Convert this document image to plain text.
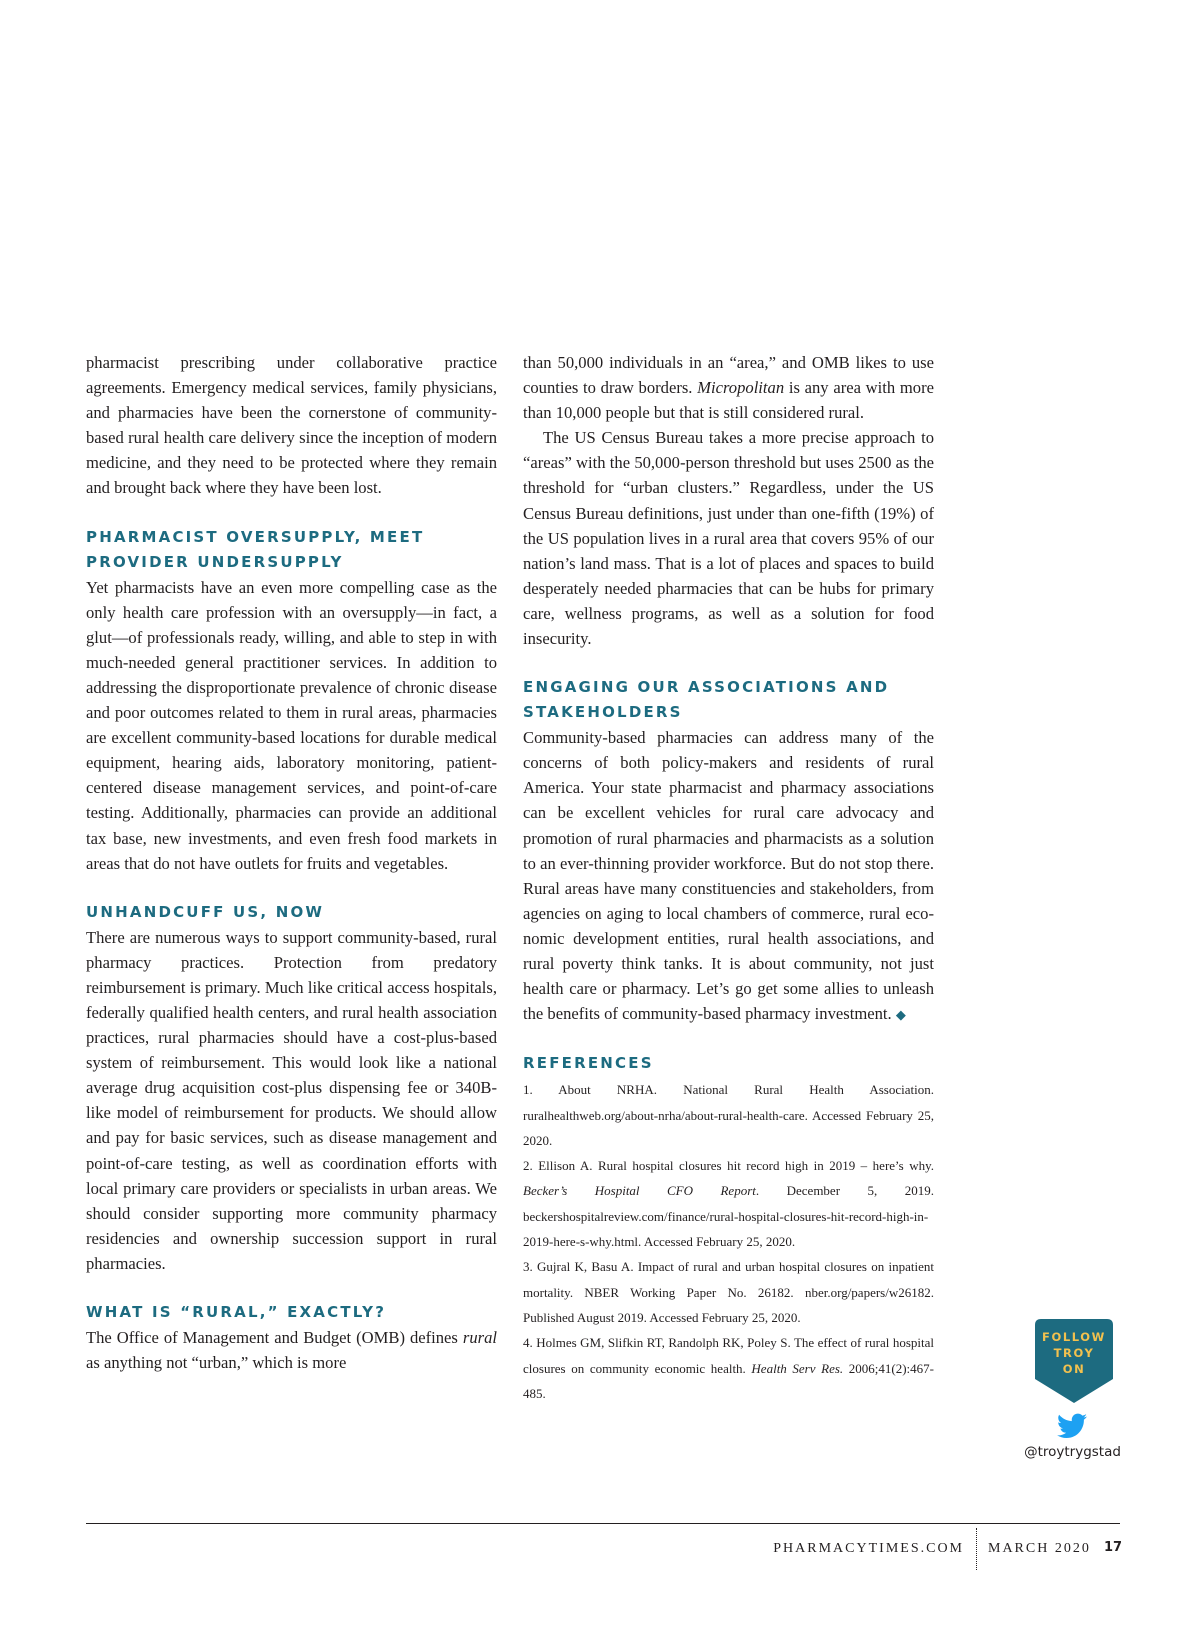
pharmacist prescribing under collaborative practice agreements. Emergency medical services, family physicians, and pharmacies have been the cornerstone of community-based rural health care delivery since the inception of modern medicine, and they need to be protected where they remain and brought back where they have been lost.

PHARMACIST OVERSUPPLY, MEET PROVIDER UNDERSUPPLY

Yet pharmacists have an even more compelling case as the only health care profession with an oversupply—in fact, a glut—of professionals ready, willing, and able to step in with much-needed general practitioner services. In addition to addressing the disproportionate prevalence of chronic disease and poor outcomes related to them in rural areas, pharmacies are excellent community-based locations for durable medical equipment, hearing aids, laboratory monitoring, patient-centered disease management services, and point-of-care testing. Additionally, pharmacies can provide an additional tax base, new investments, and even fresh food markets in areas that do not have outlets for fruits and vegetables.

UNHANDCUFF US, NOW

There are numerous ways to support community-based, rural pharmacy practices. Protection from predatory reimbursement is primary. Much like critical access hospitals, federally qualified health centers, and rural health association practices, rural pharmacies should have a cost-plus-based system of reimbursement. This would look like a national average drug acquisition cost-plus dispensing fee or 340B-like model of reimbursement for products. We should allow and pay for basic services, such as disease management and point-of-care testing, as well as coordination efforts with local primary care providers or specialists in urban areas. We should consider supporting more community pharmacy residencies and ownership succession support in rural pharmacies.

WHAT IS “RURAL,” EXACTLY?

The Office of Management and Budget (OMB) defines rural as anything not “urban,” which is more

than 50,000 individuals in an “area,” and OMB likes to use counties to draw borders. Micropolitan is any area with more than 10,000 people but that is still considered rural.

The US Census Bureau takes a more precise approach to “areas” with the 50,000-person threshold but uses 2500 as the threshold for “urban clusters.” Regardless, under the US Census Bureau definitions, just under than one-fifth (19%) of the US population lives in a rural area that covers 95% of our nation’s land mass. That is a lot of places and spaces to build desperately needed pharmacies that can be hubs for primary care, wellness programs, as well as a solution for food insecurity.

ENGAGING OUR ASSOCIATIONS AND STAKEHOLDERS

Community-based pharmacies can address many of the concerns of both policy-makers and residents of rural America. Your state pharmacist and pharmacy associations can be excellent vehicles for rural care advocacy and promotion of rural pharmacies and pharmacists as a solution to an ever-thinning provider workforce. But do not stop there. Rural areas have many constituencies and stakeholders, from agencies on aging to local chambers of commerce, rural economic development entities, rural health associations, and rural poverty think tanks. It is about community, not just health care or pharmacy. Let’s go get some allies to unleash the benefits of community-based pharmacy investment. ◆

REFERENCES

1. About NRHA. National Rural Health Association. ruralhealthweb.org/about-nrha/about-rural-health-care. Accessed February 25, 2020.

2. Ellison A. Rural hospital closures hit record high in 2019 – here’s why. Becker’s Hospital CFO Report. December 5, 2019. beckershospitalreview.com/finance/rural-hospital-closures-hit-record-high-in-2019-here-s-why.html. Accessed February 25, 2020.

3. Gujral K, Basu A. Impact of rural and urban hospital closures on inpatient mortality. NBER Working Paper No. 26182. nber.org/papers/w26182. Published August 2019. Accessed February 25, 2020.

4. Holmes GM, Slifkin RT, Randolph RK, Poley S. The effect of rural hospital closures on community economic health. Health Serv Res. 2006;41(2):467-485.

FOLLOW
TROY
ON
@troytrygstad
PHARMACYTIMES.COM MARCH 2020	17
